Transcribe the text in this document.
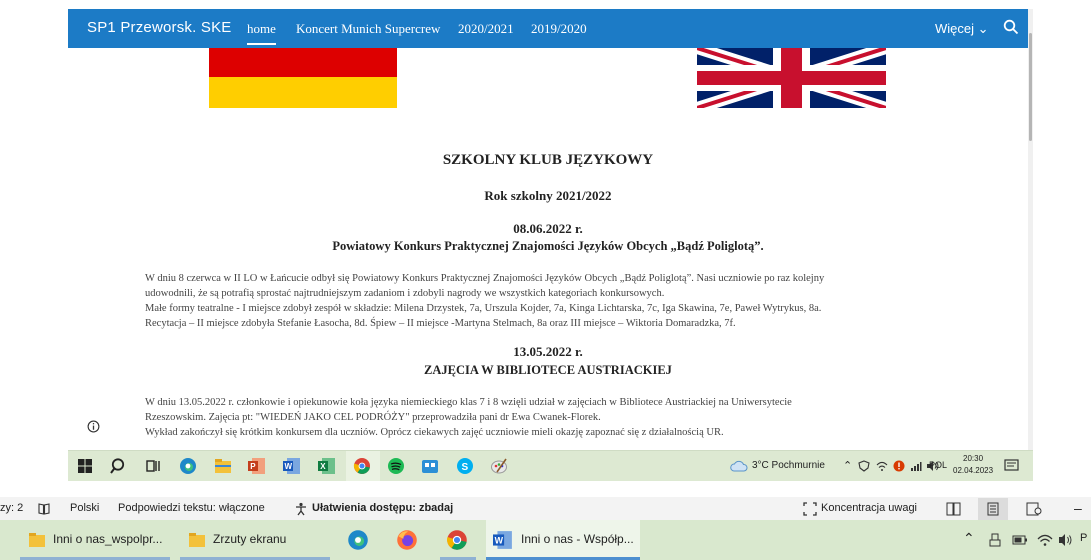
SP1 Przeworsk. SKE home Koncert Munich Supercrew 2020/2021 2019/2020	Więcej ⌄
SZKOLNY KLUB JĘZYKOWY
Rok szkolny 2021/2022
08.06.2022 r.
Powiatowy Konkurs Praktycznej Znajomości Języków Obcych „Bądź Poliglotą”.
W dniu 8 czerwca w II LO w Łańcucie odbył się Powiatowy Konkurs Praktycznej Znajomości Języków Obcych „Bądź Poliglotą”. Nasi uczniowie po raz kolejny
udowodnili, że są potrafią sprostać najtrudniejszym zadaniom i zdobyli nagrody we wszystkich kategoriach konkursowych.
Małe formy teatralne - I miejsce zdobył zespół w składzie: Milena Drzystek, 7a, Urszula Kojder, 7a, Kinga Lichtarska, 7c, Iga Skawina, 7e, Paweł Wytrykus, 8a.
Recytacja – II miejsce zdobyła Stefanie Łasocha, 8d. Śpiew – II miejsce -Martyna Stelmach, 8a oraz III miejsce – Wiktoria Domaradzka, 7f.
13.05.2022 r.
ZAJĘCIA W BIBLIOTECE AUSTRIACKIEJ
W dniu 13.05.2022 r. członkowie i opiekunowie koła języka niemieckiego klas 7 i 8 wzięli udział w zajęciach w Bibliotece Austriackiej na Uniwersytecie
Rzeszowskim. Zajęcia pt: "WIEDEŃ JAKO CEL PODRÓŻY" przeprowadziła pani dr Ewa Cwanek-Florek.
Wykład zakończył się krótkim konkursem dla uczniów. Oprócz ciekawych zajęć uczniowie mieli okazję zapoznać się z działalnością UR.
P	W	X	S	3°C Pochmurnie ⌃	POL
20:30
02.04.2023
zy: 2	Polski Podpowiedzi tekstu: włączone	Ułatwienia dostępu: zbadaj	Koncentracja uwagi	–
Inni o nas_wspolpr...	Zrzuty ekranu	W Inni o nas - Współp...	⌃	P
